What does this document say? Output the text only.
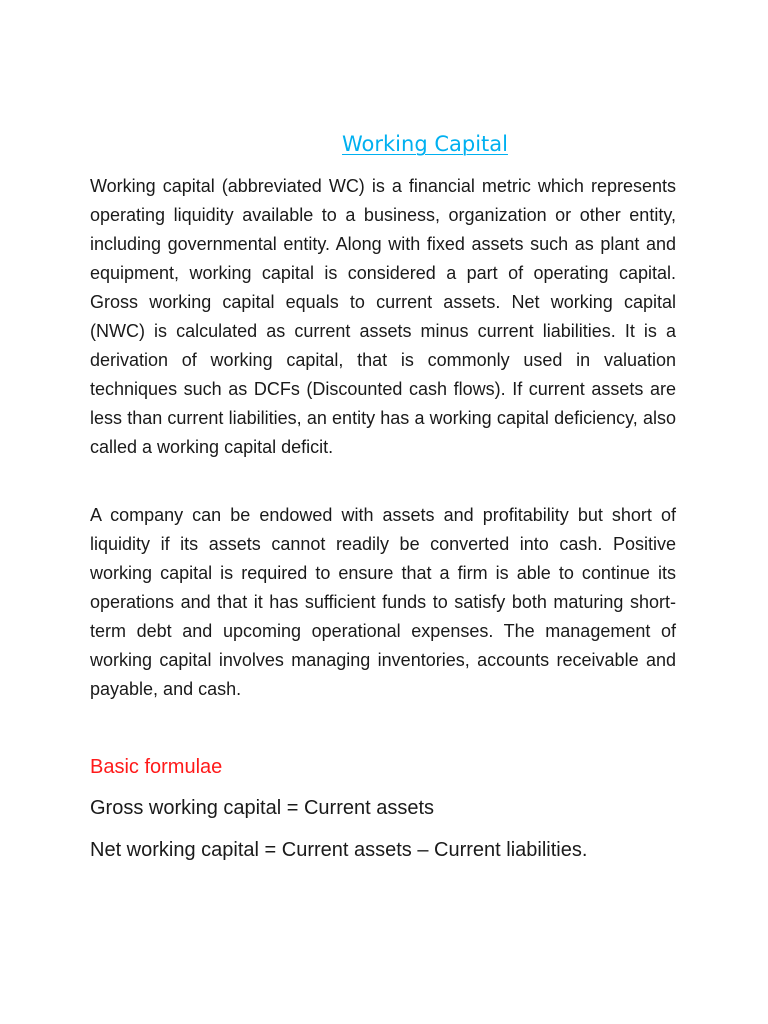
Working Capital

Working capital (abbreviated WC) is a financial metric which represents operating liquidity available to a business, organization or other entity, including governmental entity. Along with fixed assets such as plant and equipment, working capital is considered a part of operating capital. Gross working capital equals to current assets. Net working capital (NWC) is calculated as current assets minus current liabilities. It is a derivation of working capital, that is commonly used in valuation techniques such as DCFs (Discounted cash flows). If current assets are less than current liabilities, an entity has a working capital deficiency, also called a working capital deficit.

A company can be endowed with assets and profitability but short of liquidity if its assets cannot readily be converted into cash. Positive working capital is required to ensure that a firm is able to continue its operations and that it has sufficient funds to satisfy both maturing short-term debt and upcoming operational expenses. The management of working capital involves managing inventories, accounts receivable and payable, and cash.

Basic formulae
Gross working capital = Current assets
Net working capital = Current assets – Current liabilities.
